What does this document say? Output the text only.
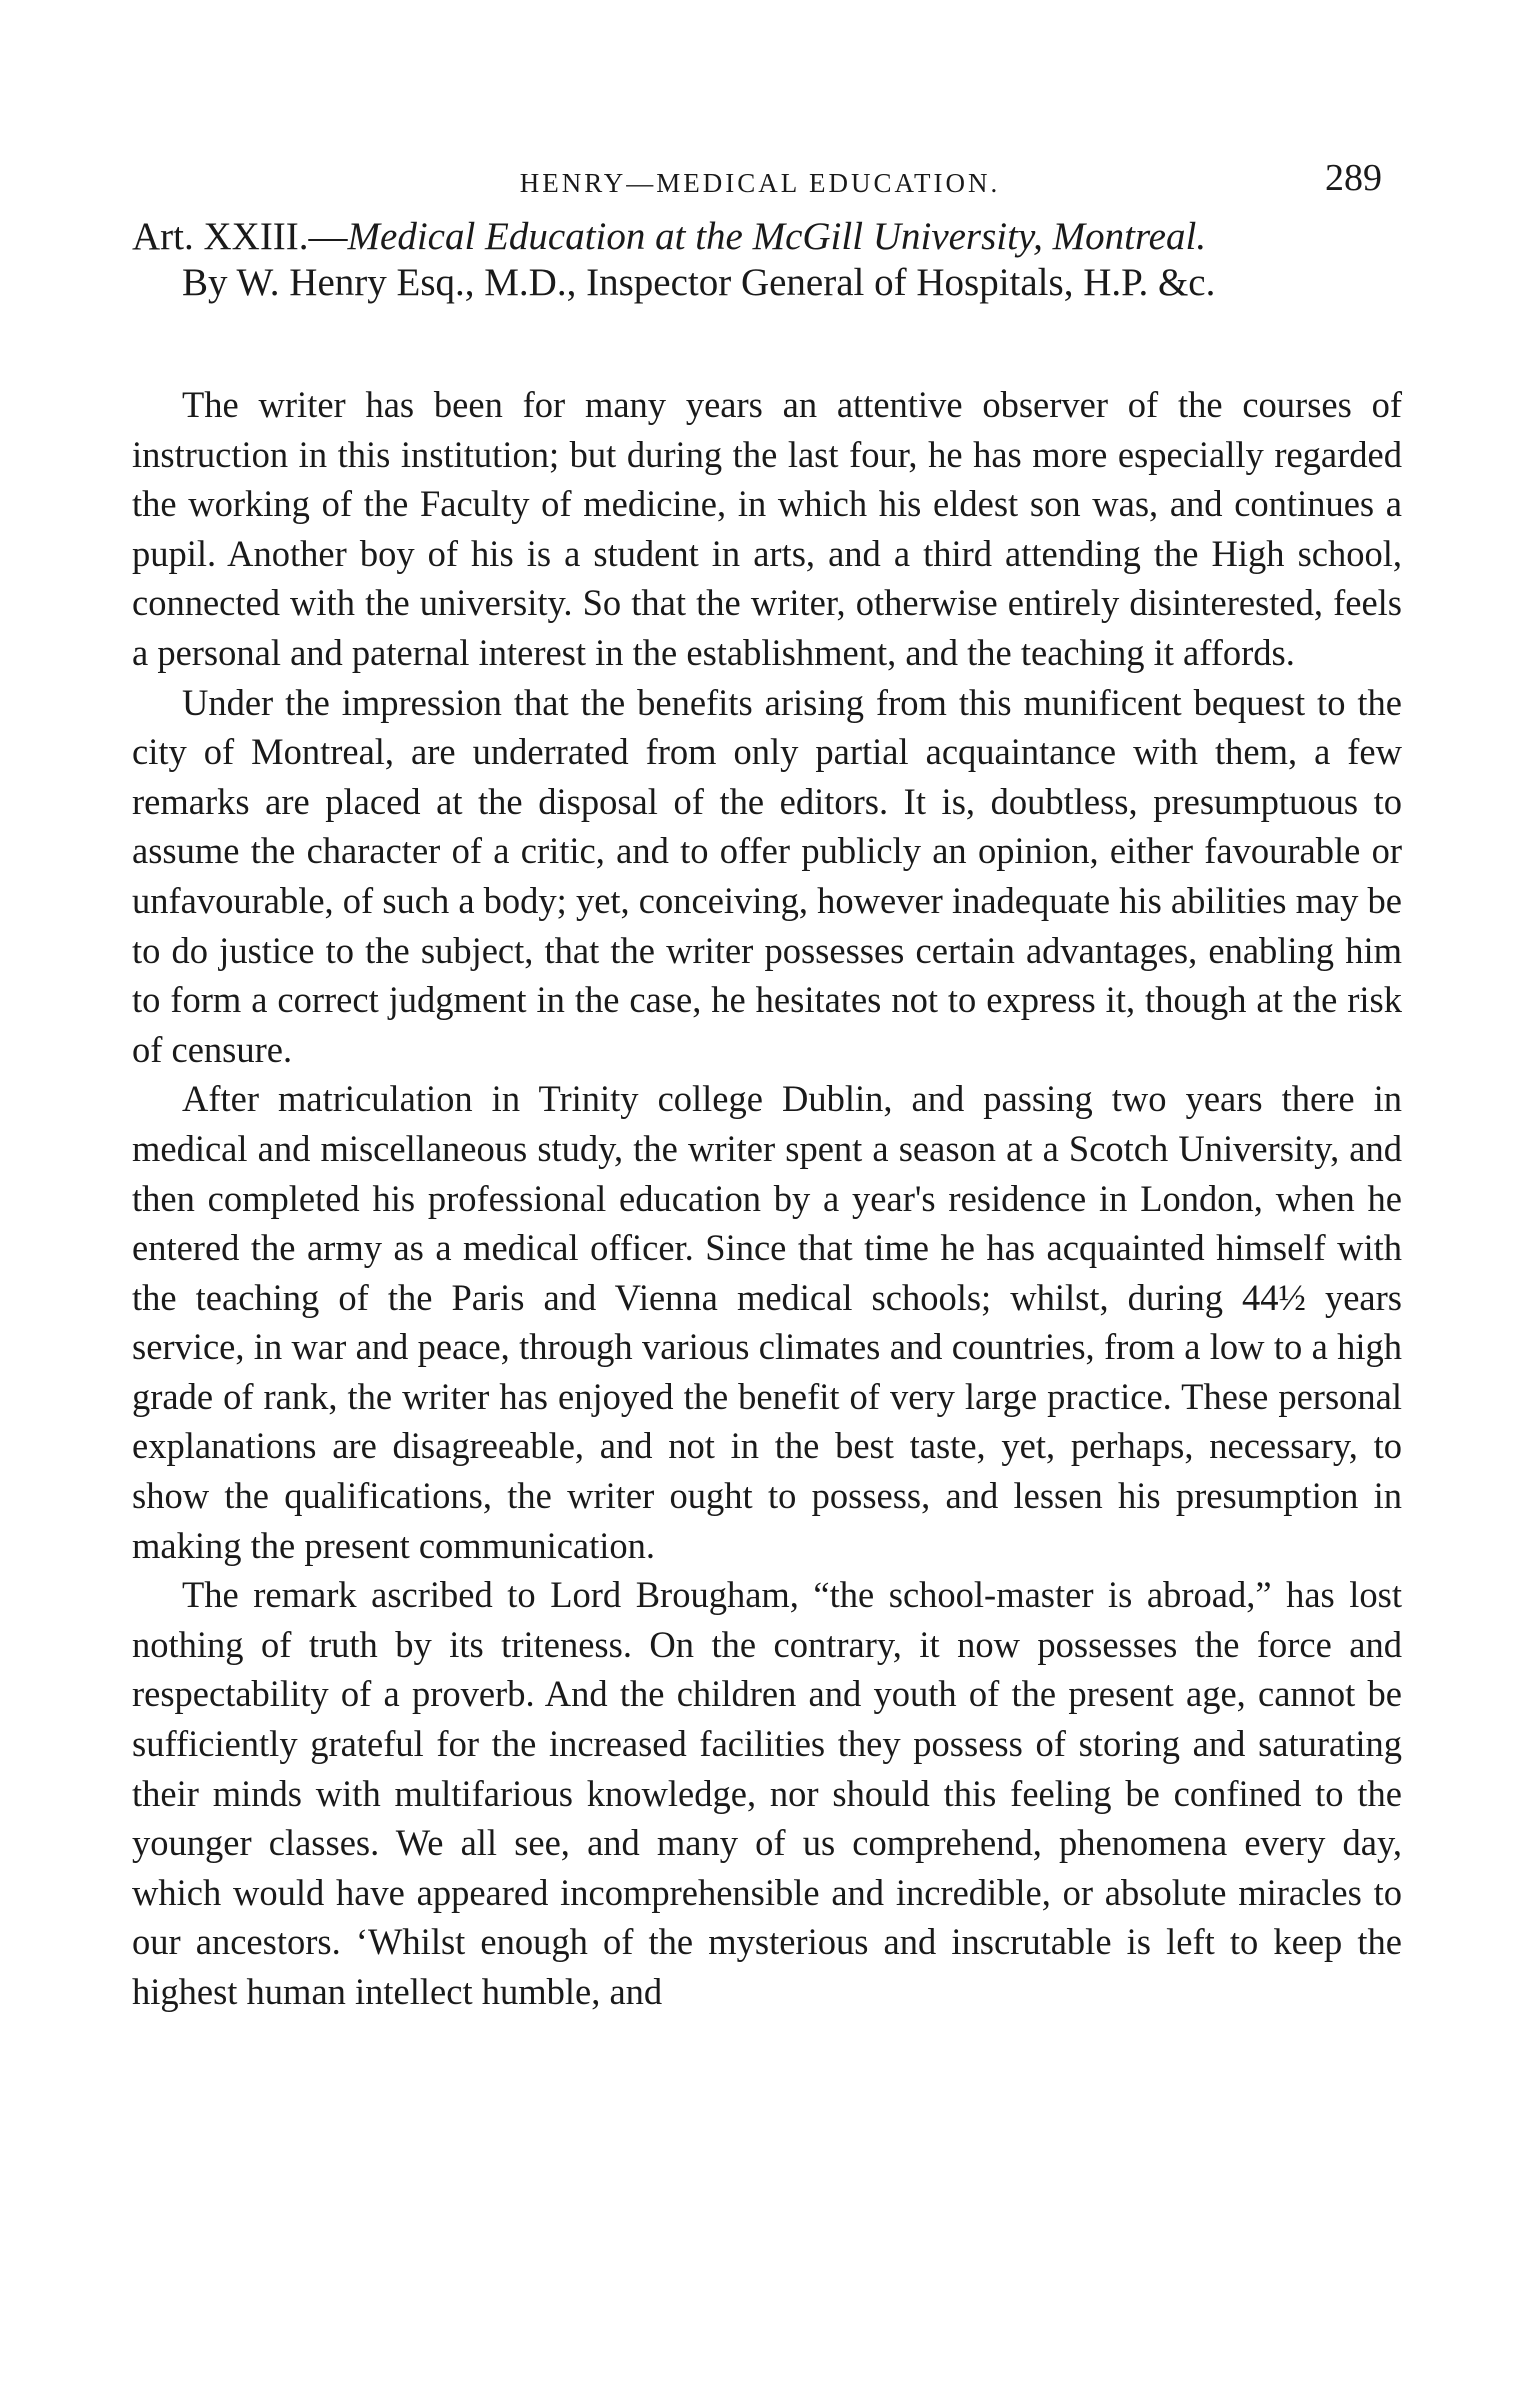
HENRY—MEDICAL EDUCATION.	289
Art. XXIII.—Medical Education at the McGill University, Montreal.
By W. Henry Esq., M.D., Inspector General of Hospitals, H.P. &c.

The writer has been for many years an attentive observer of the courses of instruction in this institution; but during the last four, he has more especially regarded the working of the Faculty of medicine, in which his eldest son was, and continues a pupil. Another boy of his is a student in arts, and a third attending the High school, connected with the university. So that the writer, otherwise entirely disinterested, feels a personal and paternal interest in the establishment, and the teaching it affords.

Under the impression that the benefits arising from this munificent bequest to the city of Montreal, are underrated from only partial acquaintance with them, a few remarks are placed at the disposal of the editors. It is, doubtless, presumptuous to assume the character of a critic, and to offer publicly an opinion, either favourable or unfavourable, of such a body; yet, conceiving, however inadequate his abilities may be to do justice to the subject, that the writer possesses certain advantages, enabling him to form a correct judgment in the case, he hesitates not to express it, though at the risk of censure.

After matriculation in Trinity college Dublin, and passing two years there in medical and miscellaneous study, the writer spent a season at a Scotch University, and then completed his professional education by a year's residence in London, when he entered the army as a medical officer. Since that time he has acquainted himself with the teaching of the Paris and Vienna medical schools; whilst, during 44½ years service, in war and peace, through various climates and countries, from a low to a high grade of rank, the writer has enjoyed the benefit of very large practice. These personal explanations are disagreeable, and not in the best taste, yet, perhaps, necessary, to show the qualifications, the writer ought to possess, and lessen his presumption in making the present communication.

The remark ascribed to Lord Brougham, “the school-master is abroad,” has lost nothing of truth by its triteness. On the contrary, it now possesses the force and respectability of a proverb. And the children and youth of the present age, cannot be sufficiently grateful for the increased facilities they possess of storing and saturating their minds with multifarious knowledge, nor should this feeling be confined to the younger classes. We all see, and many of us comprehend, phenomena every day, which would have appeared incomprehensible and incredible, or absolute miracles to our ancestors. ‘Whilst enough of the mysterious and inscrutable is left to keep the highest human intellect humble, and
